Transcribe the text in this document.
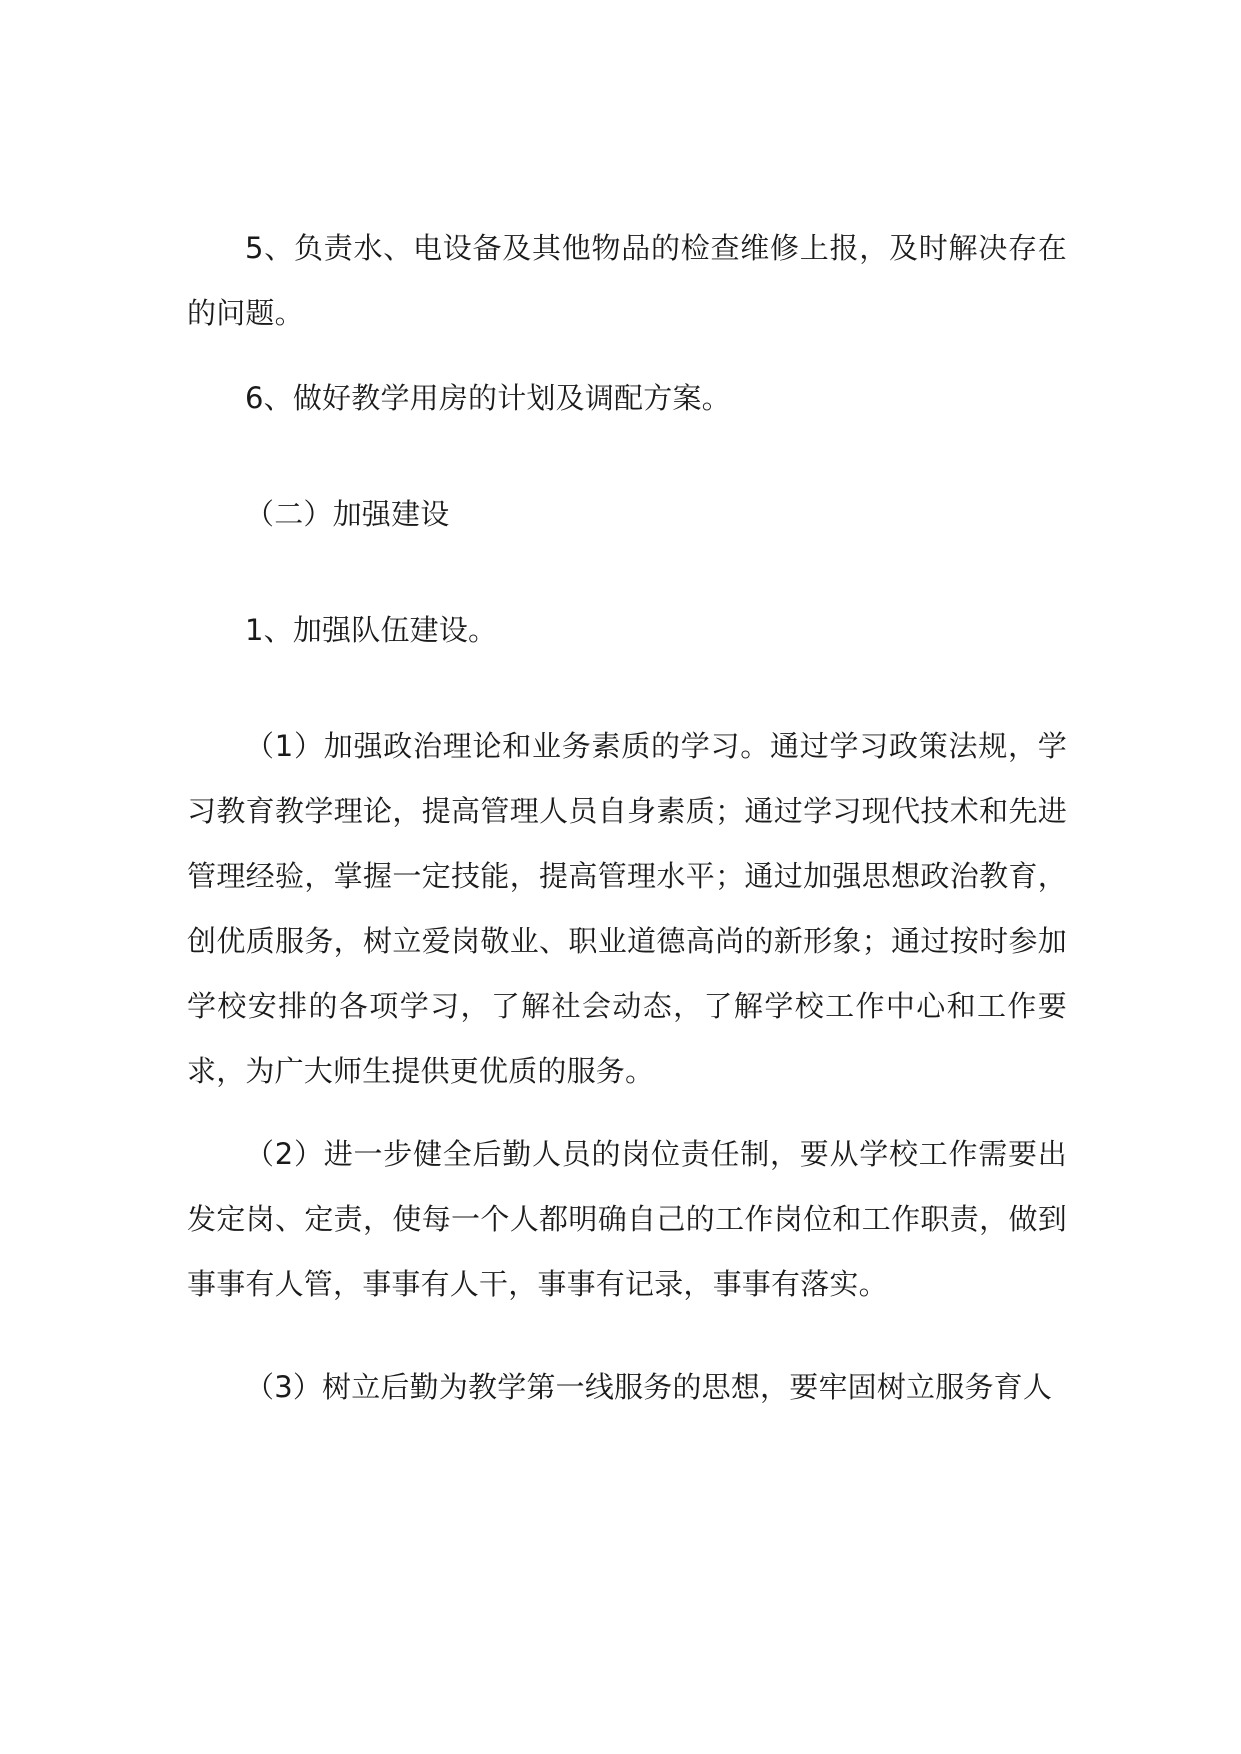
5、负责水、电设备及其他物品的检查维修上报，及时解决存在的问题。

6、做好教学用房的计划及调配方案。

（二）加强建设

1、加强队伍建设。

（1）加强政治理论和业务素质的学习。通过学习政策法规，学习教育教学理论，提高管理人员自身素质；通过学习现代技术和先进管理经验，掌握一定技能，提高管理水平；通过加强思想政治教育，创优质服务，树立爱岗敬业、职业道德高尚的新形象；通过按时参加学校安排的各项学习，了解社会动态，了解学校工作中心和工作要求，为广大师生提供更优质的服务。

（2）进一步健全后勤人员的岗位责任制，要从学校工作需要出发定岗、定责，使每一个人都明确自己的工作岗位和工作职责，做到事事有人管，事事有人干，事事有记录，事事有落实。

（3）树立后勤为教学第一线服务的思想，要牢固树立服务育人
